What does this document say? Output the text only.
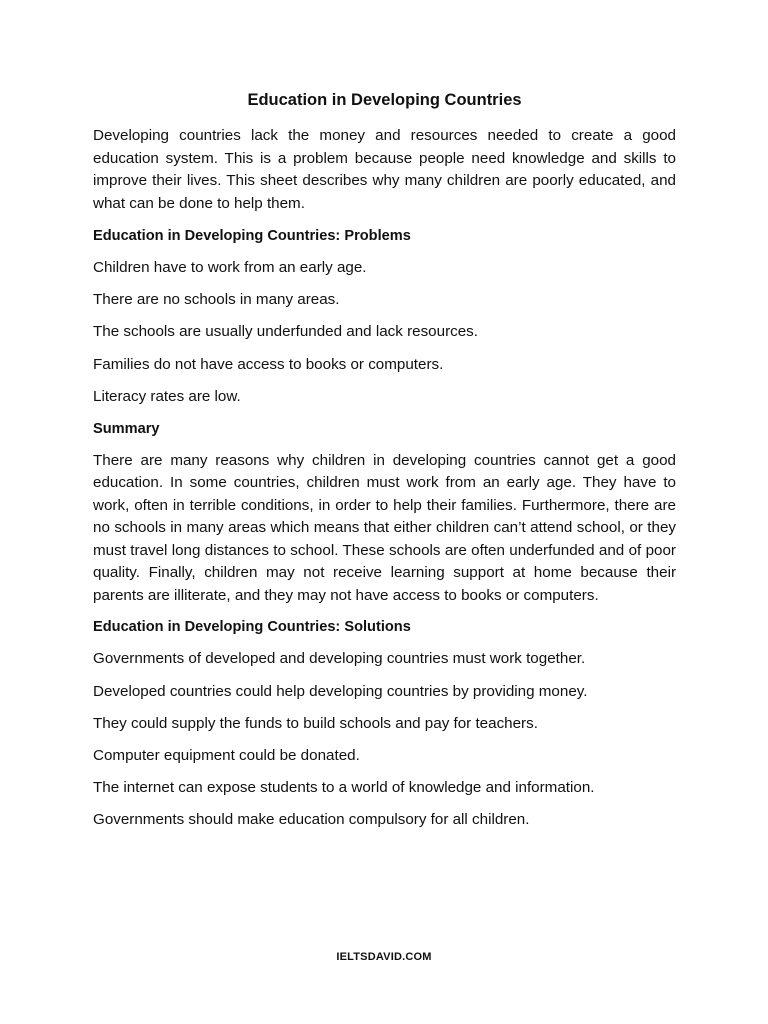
Education in Developing Countries

Developing countries lack the money and resources needed to create a good education system. This is a problem because people need knowledge and skills to improve their lives. This sheet describes why many children are poorly educated, and what can be done to help them.

Education in Developing Countries: Problems
Children have to work from an early age.
There are no schools in many areas.
The schools are usually underfunded and lack resources.
Families do not have access to books or computers.
Literacy rates are low.
Summary

There are many reasons why children in developing countries cannot get a good education. In some countries, children must work from an early age. They have to work, often in terrible conditions, in order to help their families. Furthermore, there are no schools in many areas which means that either children can’t attend school, or they must travel long distances to school. These schools are often underfunded and of poor quality. Finally, children may not receive learning support at home because their parents are illiterate, and they may not have access to books or computers.

Education in Developing Countries: Solutions
Governments of developed and developing countries must work together.
Developed countries could help developing countries by providing money.
They could supply the funds to build schools and pay for teachers.
Computer equipment could be donated.
The internet can expose students to a world of knowledge and information.
Governments should make education compulsory for all children.
IELTSDAVID.COM
